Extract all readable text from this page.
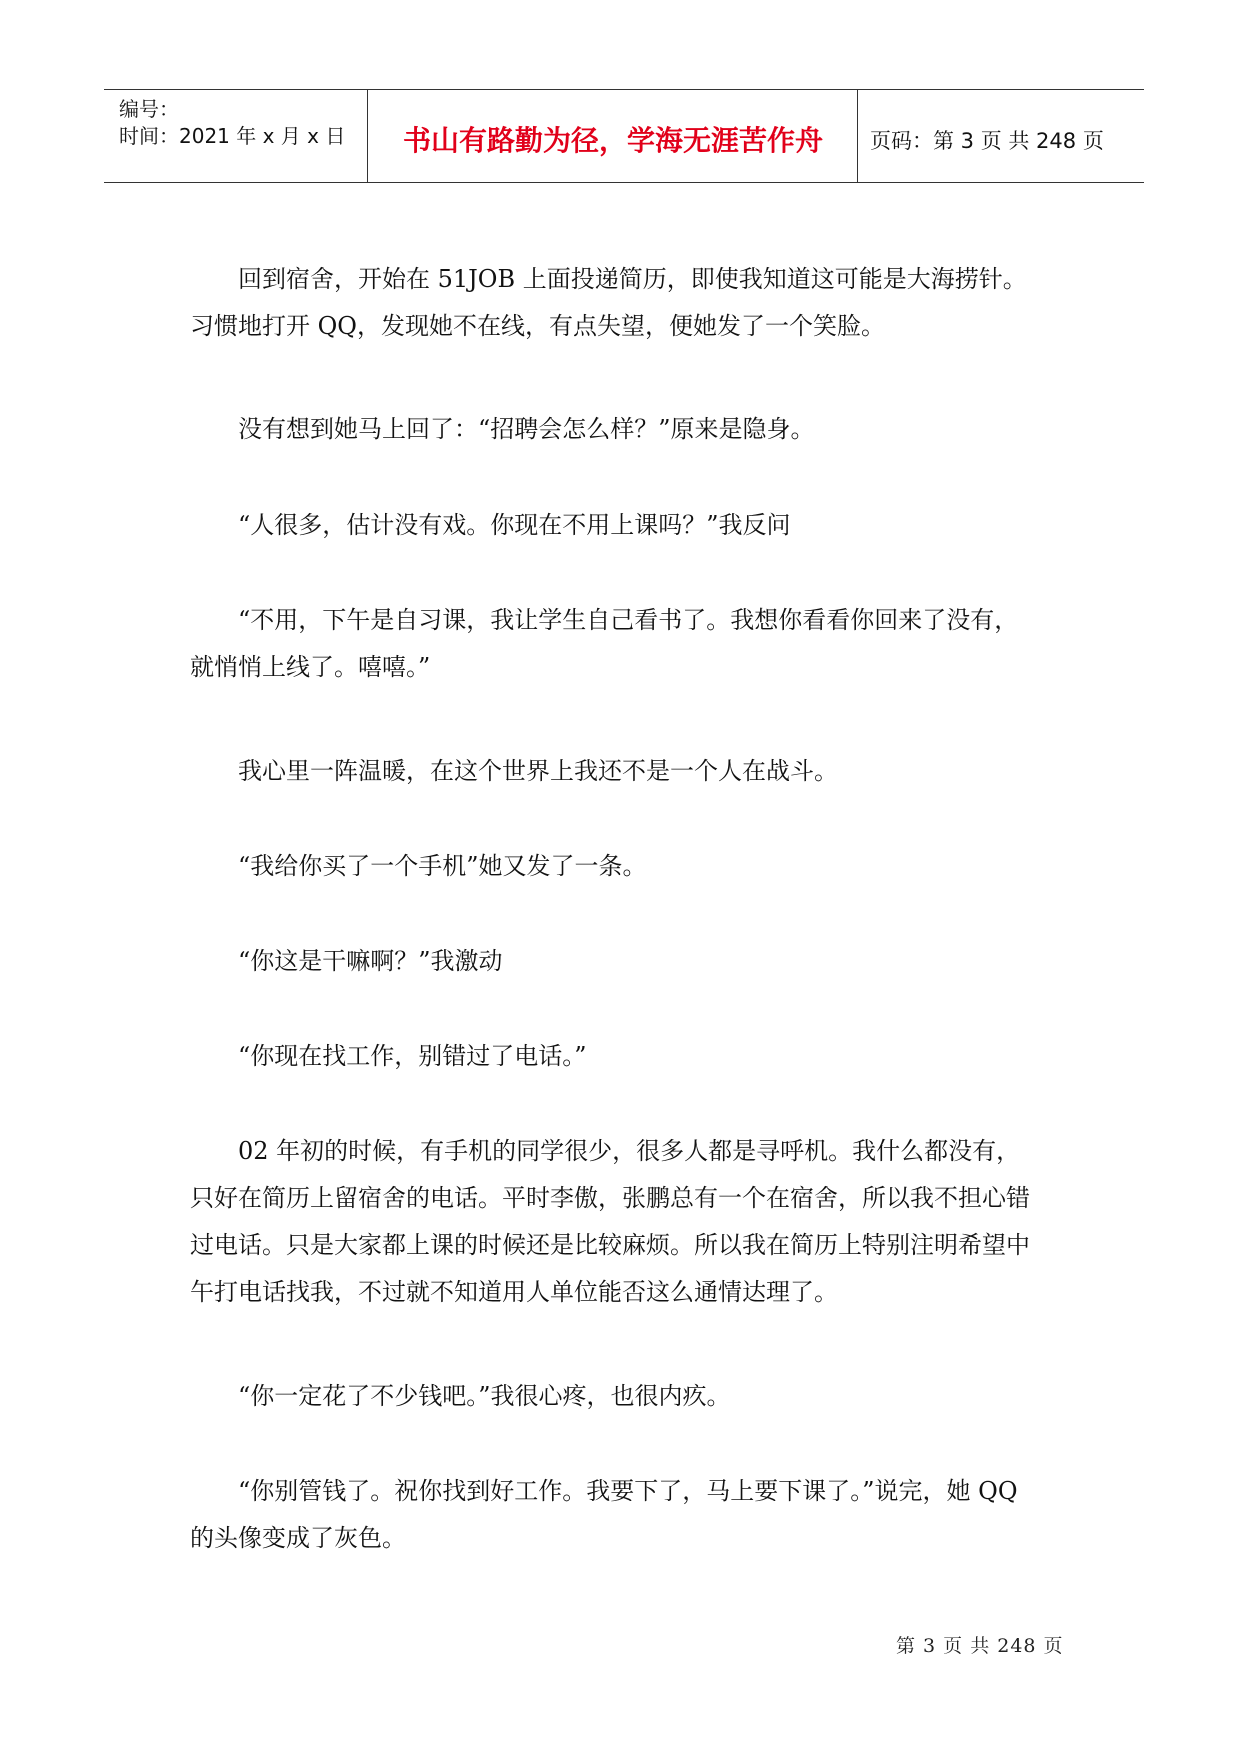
编号：
时间：2021 年 x 月 x 日	书山有路勤为径，学海无涯苦作舟	页码：第 3 页 共 248 页

回到宿舍，开始在 51JOB 上面投递简历，即使我知道这可能是大海捞针。
习惯地打开 QQ，发现她不在线，有点失望，便她发了一个笑脸。

没有想到她马上回了：“招聘会怎么样？”原来是隐身。

“人很多，估计没有戏。你现在不用上课吗？”我反问

“不用，下午是自习课，我让学生自己看书了。我想你看看你回来了没有，
就悄悄上线了。嘻嘻。”

我心里一阵温暖，在这个世界上我还不是一个人在战斗。

“我给你买了一个手机”她又发了一条。

“你这是干嘛啊？”我激动

“你现在找工作，别错过了电话。”

02 年初的时候，有手机的同学很少，很多人都是寻呼机。我什么都没有，
只好在简历上留宿舍的电话。平时李傲，张鹏总有一个在宿舍，所以我不担心错
过电话。只是大家都上课的时候还是比较麻烦。所以我在简历上特别注明希望中
午打电话找我，不过就不知道用人单位能否这么通情达理了。

“你一定花了不少钱吧。”我很心疼，也很内疚。

“你别管钱了。祝你找到好工作。我要下了，马上要下课了。”说完，她 QQ
的头像变成了灰色。

第 3 页 共 248 页
